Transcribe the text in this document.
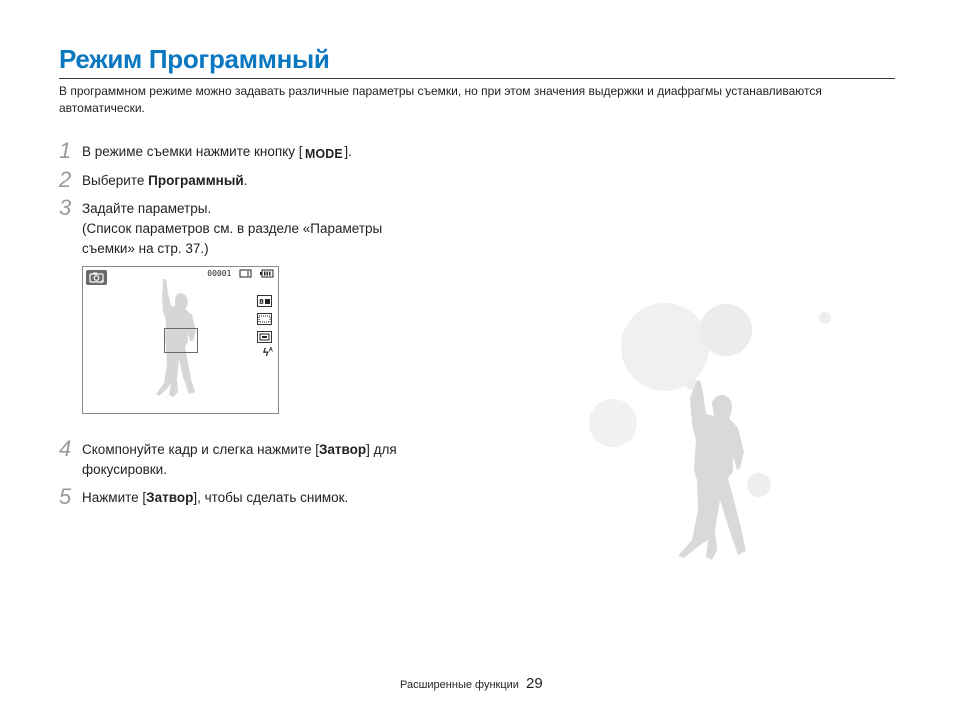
Режим Программный
В программном режиме можно задавать различные параметры съемки, но при этом значения выдержки и диафрагмы устанавливаются автоматически.
1 В режиме съемки нажмите кнопку [ MODE ].
2 Выберите Программный.
3 Задайте параметры.
(Список параметров см. в разделе «Параметры съемки» на стр. 37.)
P
00001
8
$ϟ^A$
4 Скомпонуйте кадр и слегка нажмите [Затвор] для фокусировки.
5 Нажмите [Затвор], чтобы сделать снимок.
Расширенные функции 29
